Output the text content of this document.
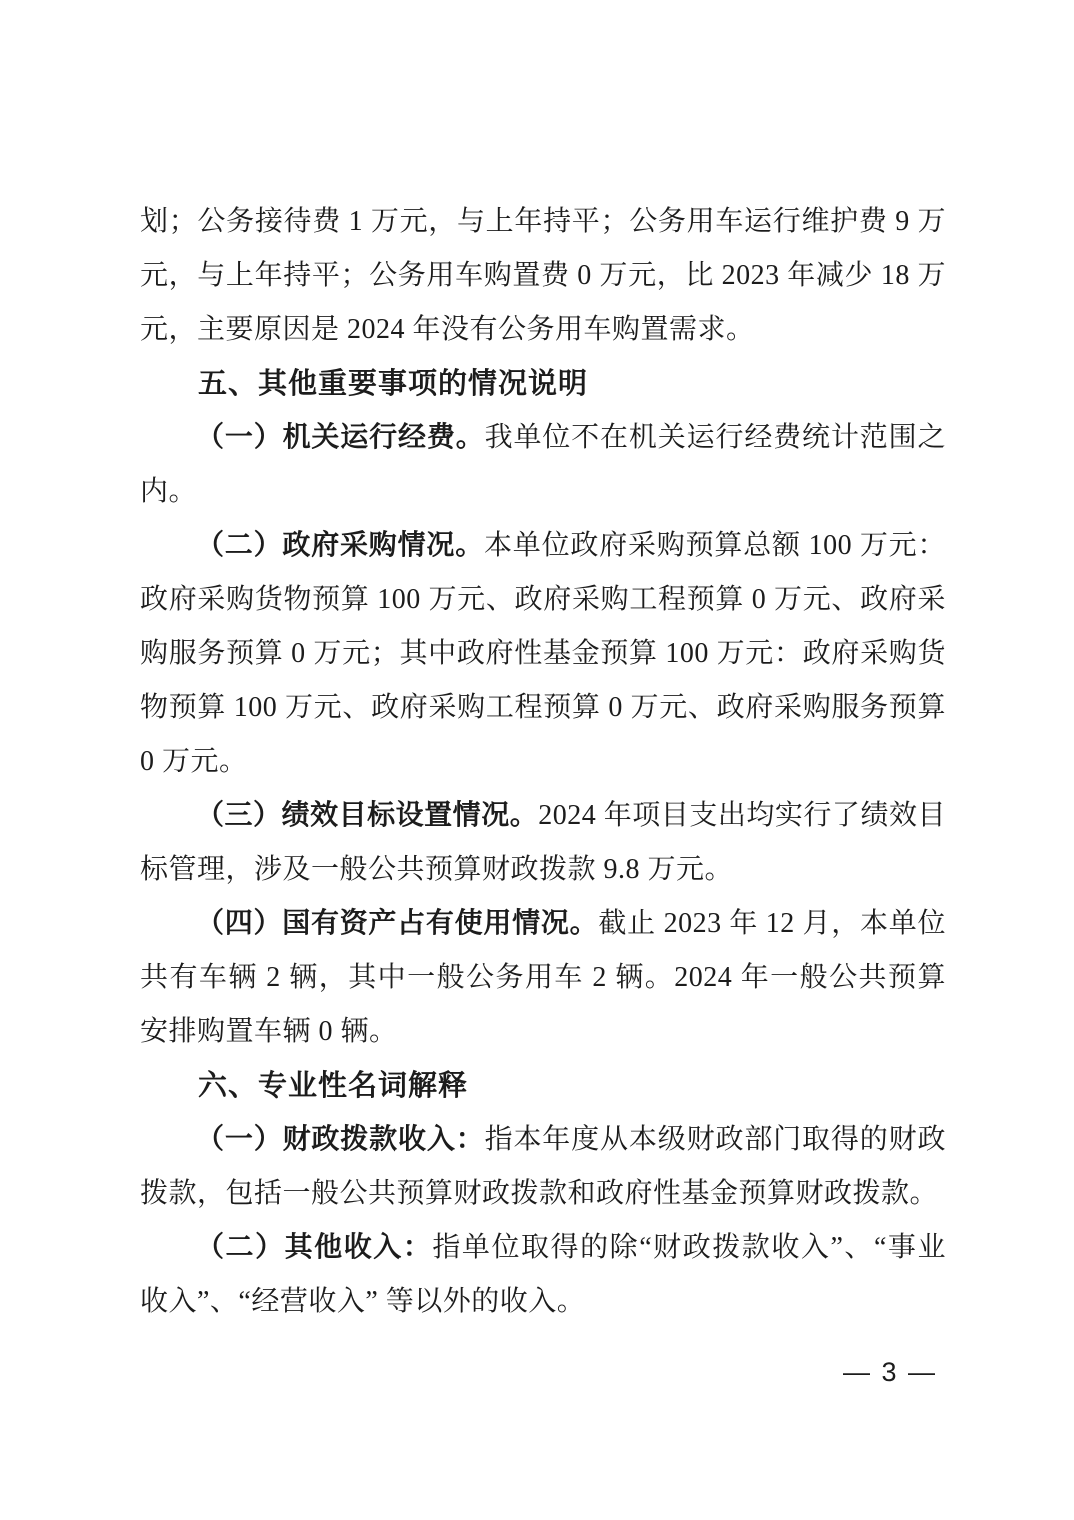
划；公务接待费 1 万元，与上年持平；公务用车运行维护费 9 万元，与上年持平；公务用车购置费 0 万元，比 2023 年减少 18 万元，主要原因是 2024 年没有公务用车购置需求。

五、其他重要事项的情况说明

（一）机关运行经费。我单位不在机关运行经费统计范围之内。

（二）政府采购情况。本单位政府采购预算总额 100 万元：政府采购货物预算 100 万元、政府采购工程预算 0 万元、政府采购服务预算 0 万元；其中政府性基金预算 100 万元：政府采购货物预算 100 万元、政府采购工程预算 0 万元、政府采购服务预算 0 万元。

（三）绩效目标设置情况。2024 年项目支出均实行了绩效目标管理，涉及一般公共预算财政拨款 9.8 万元。

（四）国有资产占有使用情况。截止 2023 年 12 月，本单位共有车辆 2 辆，其中一般公务用车 2 辆。2024 年一般公共预算安排购置车辆 0 辆。

六、专业性名词解释

（一）财政拨款收入：指本年度从本级财政部门取得的财政拨款，包括一般公共预算财政拨款和政府性基金预算财政拨款。

（二）其他收入：指单位取得的除“财政拨款收入”、“事业收入”、“经营收入” 等以外的收入。

— 3 —
